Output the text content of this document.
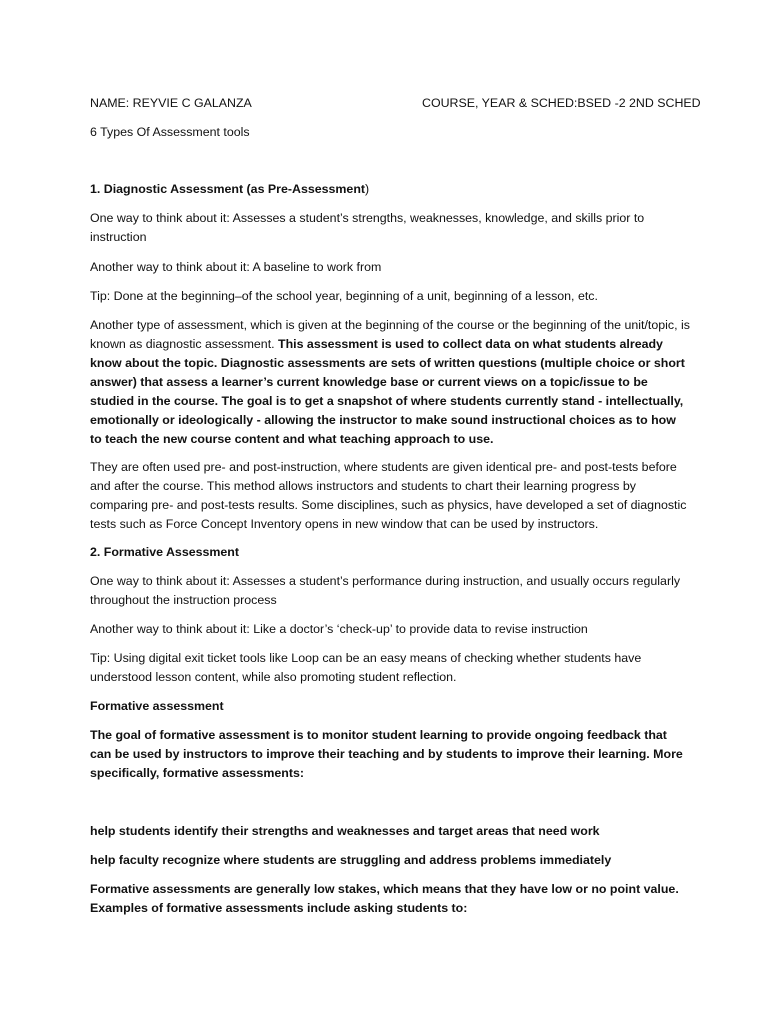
NAME: REYVIE C GALANZA	COURSE, YEAR & SCHED:BSED -2 2ND SCHED

6 Types Of Assessment tools

1. Diagnostic Assessment (as Pre-Assessment)

One way to think about it: Assesses a student’s strengths, weaknesses, knowledge, and skills prior to instruction

Another way to think about it: A baseline to work from

Tip: Done at the beginning–of the school year, beginning of a unit, beginning of a lesson, etc.

Another type of assessment, which is given at the beginning of the course or the beginning of the unit/topic, is known as diagnostic assessment. This assessment is used to collect data on what students already know about the topic. Diagnostic assessments are sets of written questions (multiple choice or short answer) that assess a learner’s current knowledge base or current views on a topic/issue to be studied in the course. The goal is to get a snapshot of where students currently stand - intellectually, emotionally or ideologically - allowing the instructor to make sound instructional choices as to how to teach the new course content and what teaching approach to use.

They are often used pre- and post-instruction, where students are given identical pre- and post-tests before and after the course. This method allows instructors and students to chart their learning progress by comparing pre- and post-tests results. Some disciplines, such as physics, have developed a set of diagnostic tests such as Force Concept Inventory opens in new window that can be used by instructors.

2. Formative Assessment

One way to think about it: Assesses a student’s performance during instruction, and usually occurs regularly throughout the instruction process

Another way to think about it: Like a doctor’s ‘check-up’ to provide data to revise instruction

Tip: Using digital exit ticket tools like Loop can be an easy means of checking whether students have understood lesson content, while also promoting student reflection.

Formative assessment

The goal of formative assessment is to monitor student learning to provide ongoing feedback that can be used by instructors to improve their teaching and by students to improve their learning. More specifically, formative assessments:

help students identify their strengths and weaknesses and target areas that need work

help faculty recognize where students are struggling and address problems immediately

Formative assessments are generally low stakes, which means that they have low or no point value. Examples of formative assessments include asking students to:
